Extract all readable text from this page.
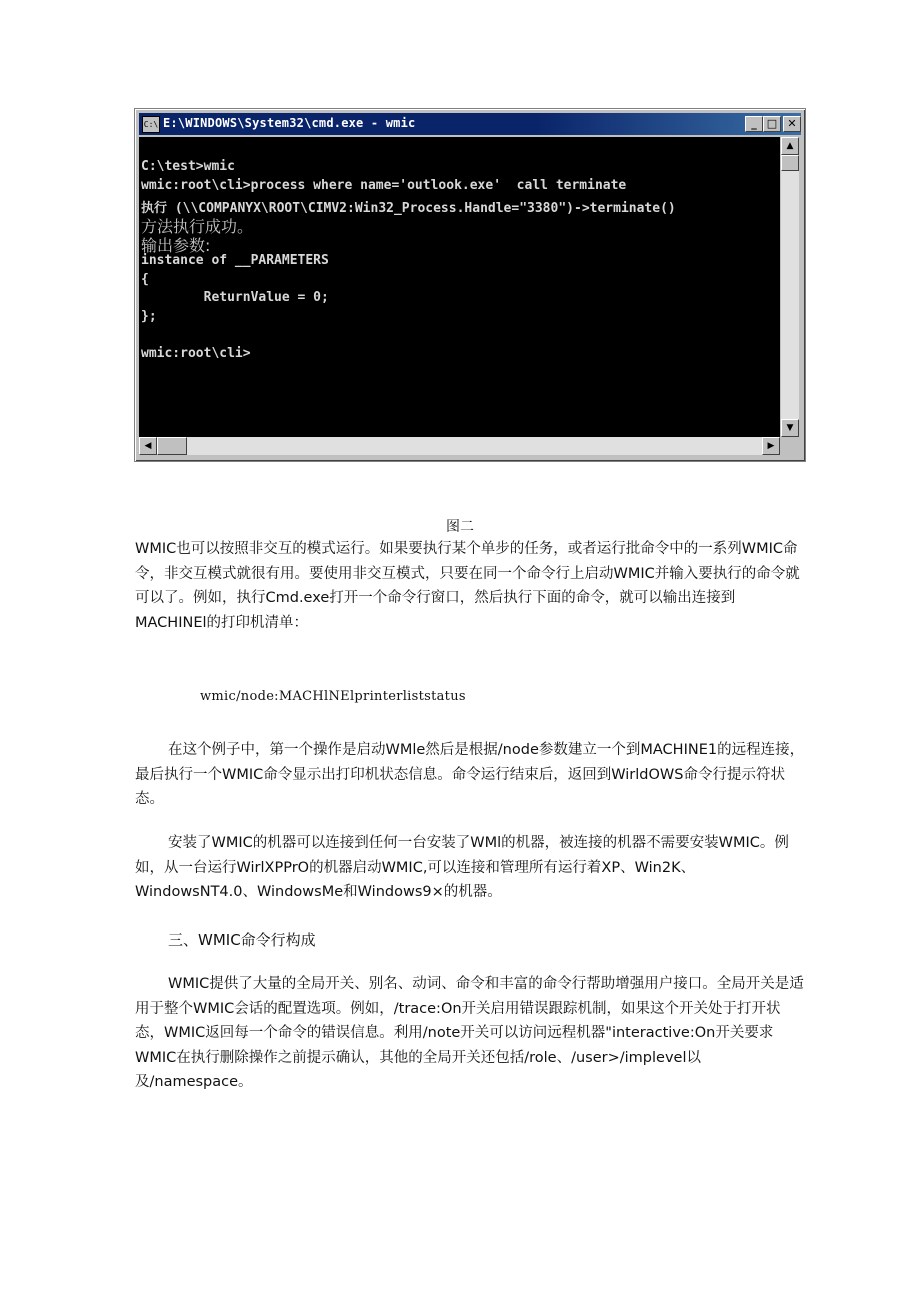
C:\ E:\WINDOWS\System32\cmd.exe - wmic	_ □ ✕
C:\test>wmic
wmic:root\cli>process where name='outlook.exe'  call terminate
执行 (\\COMPANYX\ROOT\CIMV2:Win32_Process.Handle="3380")->terminate()
方法执行成功。
输出参数:
instance of __PARAMETERS
{
ReturnValue = 0;
};
wmic:root\cli>
▲
▼
◀	▶
图二

WMIC也可以按照非交互的模式运行。如果要执行某个单步的任务，或者运行批命令中的一系列WMIC命令，非交互模式就很有用。要使用非交互模式，只要在同一个命令行上启动WMIC并输入要执行的命令就可以了。例如，执行Cmd.exe打开一个命令行窗口，然后执行下面的命令，就可以输出连接到MACHINEl的打印机清单：

wmic/node:MACHlNElprinterliststatus

在这个例子中，第一个操作是启动WMle然后是根据/node参数建立一个到MACHINE1的远程连接，最后执行一个WMIC命令显示出打印机状态信息。命令运行结束后，返回到WirldOWS命令行提示符状态。

安装了WMIC的机器可以连接到任何一台安装了WMl的机器，被连接的机器不需要安装WMIC。例如，从一台运行WirlXPPrO的机器启动WMIC,可以连接和管理所有运行着XP、Win2K、WindowsNT4.0、WindowsMe和Windows9×的机器。

三、WMIC命令行构成

WMIC提供了大量的全局开关、别名、动词、命令和丰富的命令行帮助增强用户接口。全局开关是适用于整个WMIC会话的配置选项。例如，/trace:On开关启用错误跟踪机制，如果这个开关处于打开状态，WMIC返回每一个命令的错误信息。利用/note开关可以访问远程机器"interactive:On开关要求WMIC在执行删除操作之前提示确认，其他的全局开关还包括/role、/user>/implevel以及/namespace。
